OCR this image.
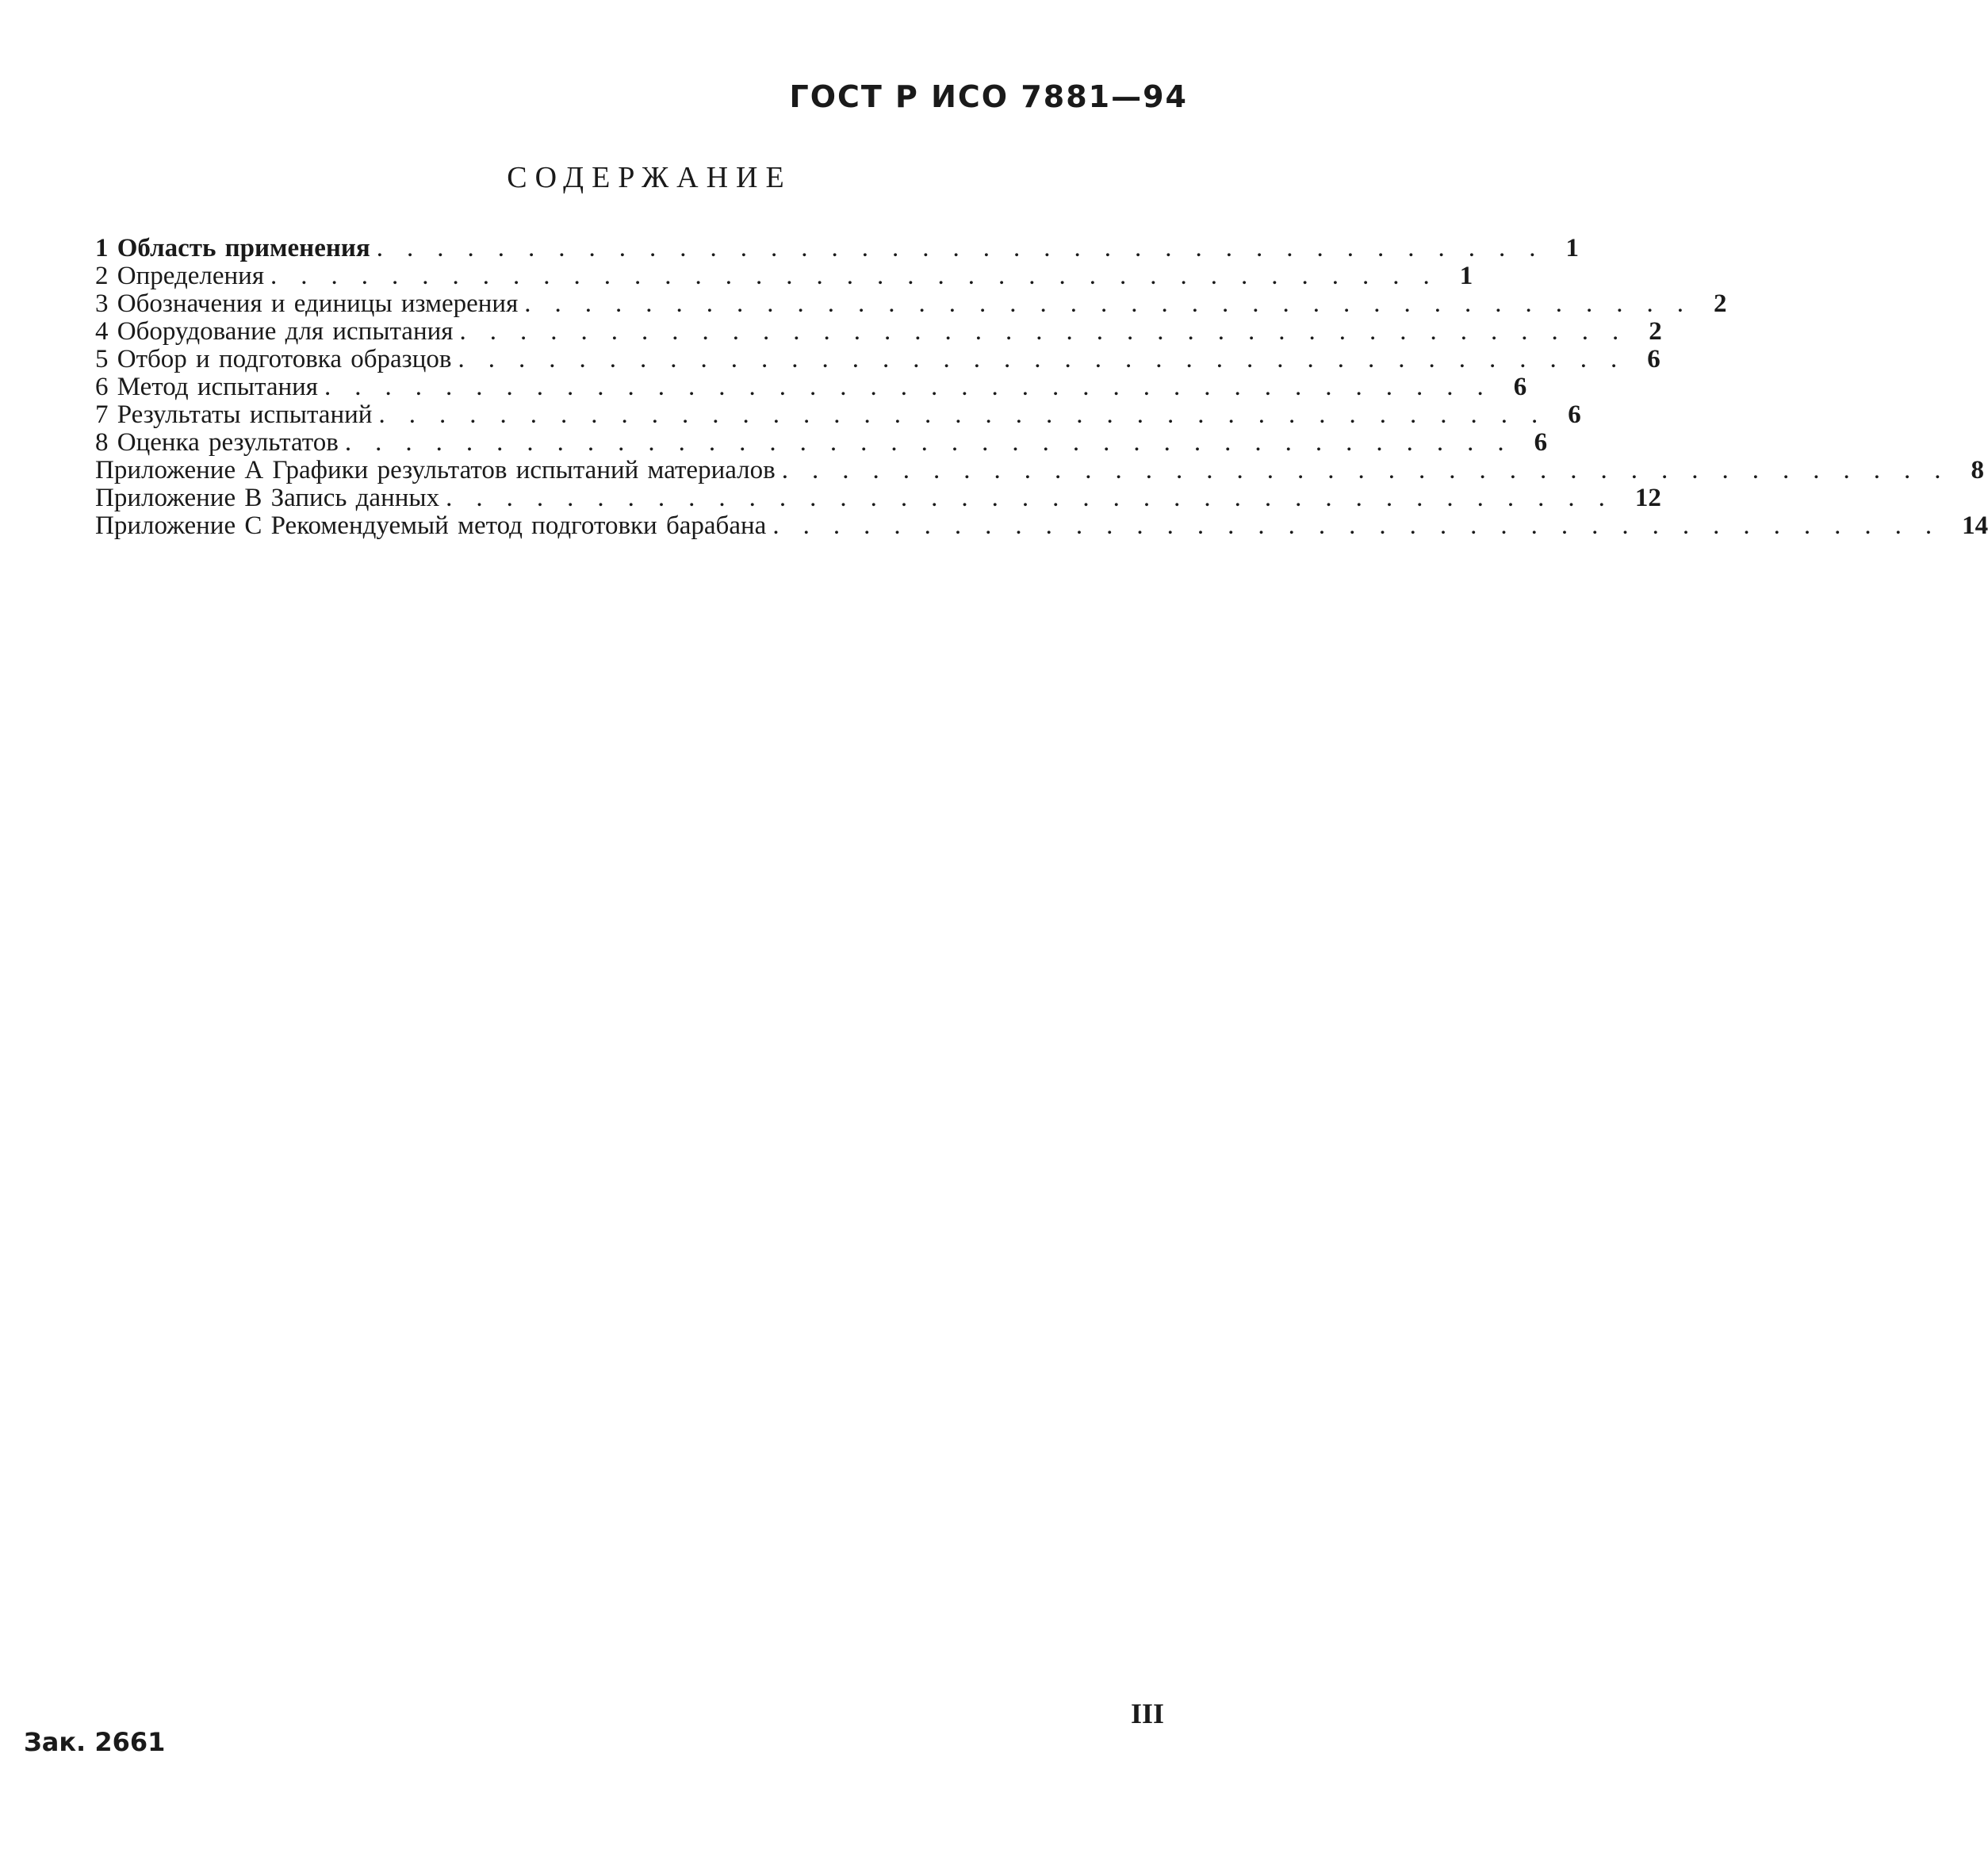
ГОСТ Р ИСО 7881—94
СОДЕРЖАНИЕ
1 Область применения ....................................... 1
2 Определения ....................................... 1
3 Обозначения и единицы измерения ....................................... 2
4 Оборудование для испытания ....................................... 2
5 Отбор и подготовка образцов ....................................... 6
6 Метод испытания ....................................... 6
7 Результаты испытаний ....................................... 6
8 Оценка результатов ....................................... 6
Приложение А Графики результатов испытаний материалов ....................................... 8
Приложение В Запись данных ....................................... 12
Приложение С Рекомендуемый метод подготовки барабана ....................................... 14
III
Зак. 2661
